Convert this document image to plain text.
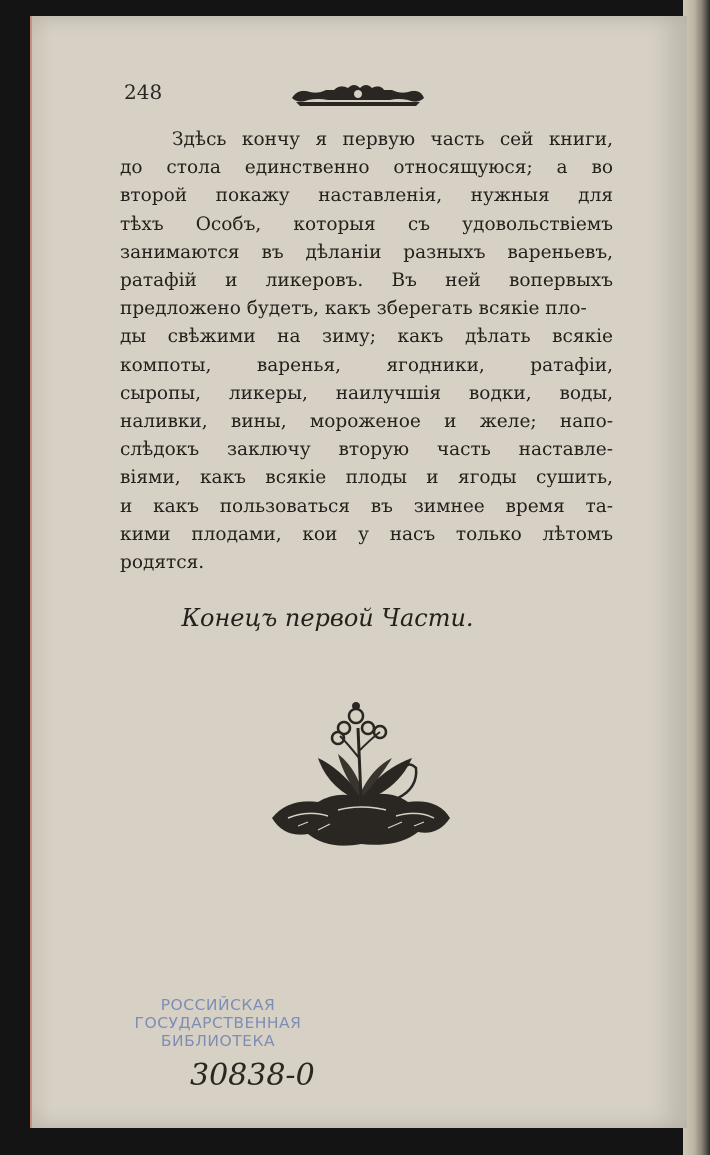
248
Здѣсь кончу я первую часть сей книги,
до стола единственно относящуюся; а во
второй покажу наставленія, нужныя для
тѣхъ Особъ, которыя съ удовольствіемъ
занимаются въ дѣланіи разныхъ вареньевъ,
ратафій и ликеровъ. Въ ней вопервыхъ предложено будетъ, какъ зберегать всякіе пло-
ды свѣжими на зиму; какъ дѣлать всякіе
компоты, варенья, ягодники, ратафіи,
сыропы, ликеры, наилучшія водки, воды,
наливки, вины, мороженое и желе; напо-
слѣдокъ заключу вторую часть наставле-
віями, какъ всякіе плоды и ягоды сушить,
и какъ пользоваться въ зимнее время та-
кими плодами, кои у насъ только лѣтомъ
родятся.
Конецъ первой Части.
РОССИЙСКАЯ
ГОСУДАРСТВЕННАЯ
БИБЛИОТЕКА
30838-0
